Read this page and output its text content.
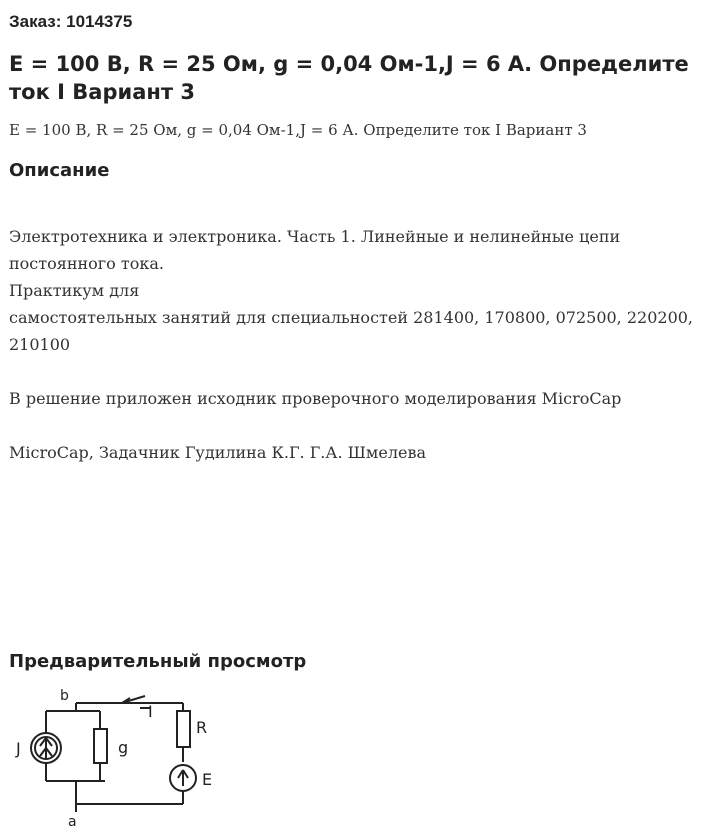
Заказ: 1014375
E = 100 B, R = 25 Ом, g = 0,04 Ом-1,J = 6 А. Определите ток I Вариант 3
E = 100 B, R = 25 Ом, g = 0,04 Ом-1,J = 6 А. Определите ток I Вариант 3
Описание

Электротехника и электроника. Часть 1. Линейные и нелинейные цепи постоянного тока.

Практикум для

самостоятельных занятий для специальностей 281400, 170800, 072500, 220200, 210100

В решение приложен исходник проверочного моделирования MicroCap

MicroCap, Задачник Гудилина К.Г. Г.А. Шмелева

Предварительный просмотр
b
a
I
J	g
R
E
